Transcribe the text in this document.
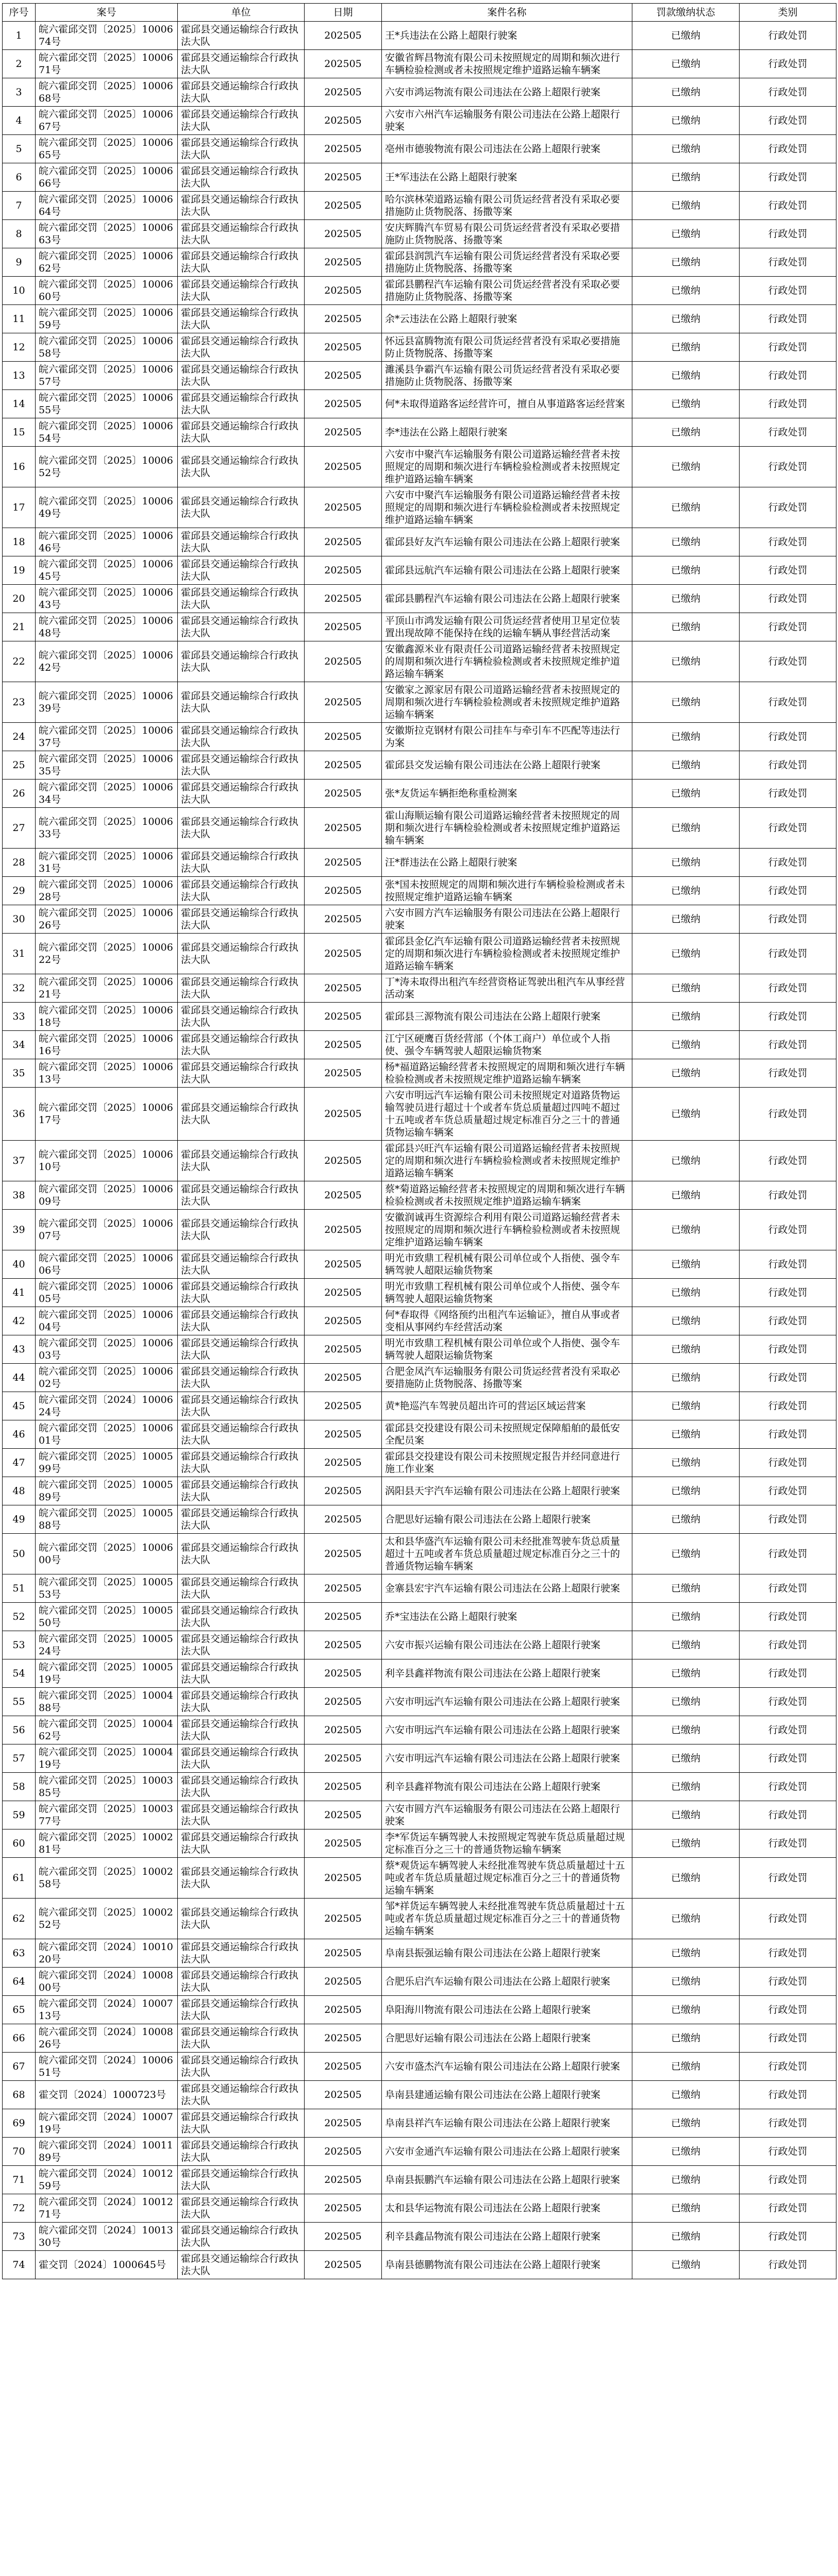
序号	案号	单位	日期	案件名称	罚款缴纳状态	类别
1	皖六霍邱交罚〔2025〕1000674号	霍邱县交通运输综合行政执法大队	202505	王*兵违法在公路上超限行驶案	已缴纳	行政处罚
2	皖六霍邱交罚〔2025〕1000671号	霍邱县交通运输综合行政执法大队	202505	安徽省辉昌物流有限公司未按照规定的周期和频次进行车辆检验检测或者未按照规定维护道路运输车辆案	已缴纳	行政处罚
3	皖六霍邱交罚〔2025〕1000668号	霍邱县交通运输综合行政执法大队	202505	六安市鸿运物流有限公司违法在公路上超限行驶案	已缴纳	行政处罚
4	皖六霍邱交罚〔2025〕1000667号	霍邱县交通运输综合行政执法大队	202505	六安市六州汽车运输服务有限公司违法在公路上超限行驶案	已缴纳	行政处罚
5	皖六霍邱交罚〔2025〕1000665号	霍邱县交通运输综合行政执法大队	202505	亳州市德骏物流有限公司违法在公路上超限行驶案	已缴纳	行政处罚
6	皖六霍邱交罚〔2025〕1000666号	霍邱县交通运输综合行政执法大队	202505	王*军违法在公路上超限行驶案	已缴纳	行政处罚
7	皖六霍邱交罚〔2025〕1000664号	霍邱县交通运输综合行政执法大队	202505	哈尔滨林荣道路运输有限公司货运经营者没有采取必要措施防止货物脱落、扬撒等案	已缴纳	行政处罚
8	皖六霍邱交罚〔2025〕1000663号	霍邱县交通运输综合行政执法大队	202505	安庆辉腾汽车贸易有限公司货运经营者没有采取必要措施防止货物脱落、扬撒等案	已缴纳	行政处罚
9	皖六霍邱交罚〔2025〕1000662号	霍邱县交通运输综合行政执法大队	202505	霍邱县润凯汽车运输有限公司货运经营者没有采取必要措施防止货物脱落、扬撒等案	已缴纳	行政处罚
10	皖六霍邱交罚〔2025〕1000660号	霍邱县交通运输综合行政执法大队	202505	霍邱县鹏程汽车运输有限公司货运经营者没有采取必要措施防止货物脱落、扬撒等案	已缴纳	行政处罚
11	皖六霍邱交罚〔2025〕1000659号	霍邱县交通运输综合行政执法大队	202505	余*云违法在公路上超限行驶案	已缴纳	行政处罚
12	皖六霍邱交罚〔2025〕1000658号	霍邱县交通运输综合行政执法大队	202505	怀远县富腾物流有限公司货运经营者没有采取必要措施防止货物脱落、扬撒等案	已缴纳	行政处罚
13	皖六霍邱交罚〔2025〕1000657号	霍邱县交通运输综合行政执法大队	202505	濉溪县争霸汽车运输有限公司货运经营者没有采取必要措施防止货物脱落、扬撒等案	已缴纳	行政处罚
14	皖六霍邱交罚〔2025〕1000655号	霍邱县交通运输综合行政执法大队	202505	何*未取得道路客运经营许可，擅自从事道路客运经营案	已缴纳	行政处罚
15	皖六霍邱交罚〔2025〕1000654号	霍邱县交通运输综合行政执法大队	202505	李*违法在公路上超限行驶案	已缴纳	行政处罚
16	皖六霍邱交罚〔2025〕1000652号	霍邱县交通运输综合行政执法大队	202505	六安市中聚汽车运输服务有限公司道路运输经营者未按照规定的周期和频次进行车辆检验检测或者未按照规定维护道路运输车辆案	已缴纳	行政处罚
17	皖六霍邱交罚〔2025〕1000649号	霍邱县交通运输综合行政执法大队	202505	六安市中聚汽车运输服务有限公司道路运输经营者未按照规定的周期和频次进行车辆检验检测或者未按照规定维护道路运输车辆案	已缴纳	行政处罚
18	皖六霍邱交罚〔2025〕1000646号	霍邱县交通运输综合行政执法大队	202505	霍邱县好友汽车运输有限公司违法在公路上超限行驶案	已缴纳	行政处罚
19	皖六霍邱交罚〔2025〕1000645号	霍邱县交通运输综合行政执法大队	202505	霍邱县远航汽车运输有限公司违法在公路上超限行驶案	已缴纳	行政处罚
20	皖六霍邱交罚〔2025〕1000643号	霍邱县交通运输综合行政执法大队	202505	霍邱县鹏程汽车运输有限公司违法在公路上超限行驶案	已缴纳	行政处罚
21	皖六霍邱交罚〔2025〕1000648号	霍邱县交通运输综合行政执法大队	202505	平顶山市鸿发运输有限公司货运经营者使用卫星定位装置出现故障不能保持在线的运输车辆从事经营活动案	已缴纳	行政处罚
22	皖六霍邱交罚〔2025〕1000642号	霍邱县交通运输综合行政执法大队	202505	安徽鑫源米业有限责任公司道路运输经营者未按照规定的周期和频次进行车辆检验检测或者未按照规定维护道路运输车辆案	已缴纳	行政处罚
23	皖六霍邱交罚〔2025〕1000639号	霍邱县交通运输综合行政执法大队	202505	安徽家之源家居有限公司道路运输经营者未按照规定的周期和频次进行车辆检验检测或者未按照规定维护道路运输车辆案	已缴纳	行政处罚
24	皖六霍邱交罚〔2025〕1000637号	霍邱县交通运输综合行政执法大队	202505	安徽斯拉克钢材有限公司挂车与牵引车不匹配等违法行为案	已缴纳	行政处罚
25	皖六霍邱交罚〔2025〕1000635号	霍邱县交通运输综合行政执法大队	202505	霍邱县交发运输有限公司违法在公路上超限行驶案	已缴纳	行政处罚
26	皖六霍邱交罚〔2025〕1000634号	霍邱县交通运输综合行政执法大队	202505	张*友货运车辆拒绝称重检测案	已缴纳	行政处罚
27	皖六霍邱交罚〔2025〕1000633号	霍邱县交通运输综合行政执法大队	202505	霍山海顺运输有限公司道路运输经营者未按照规定的周期和频次进行车辆检验检测或者未按照规定维护道路运输车辆案	已缴纳	行政处罚
28	皖六霍邱交罚〔2025〕1000631号	霍邱县交通运输综合行政执法大队	202505	汪*群违法在公路上超限行驶案	已缴纳	行政处罚
29	皖六霍邱交罚〔2025〕1000628号	霍邱县交通运输综合行政执法大队	202505	张*国未按照规定的周期和频次进行车辆检验检测或者未按照规定维护道路运输车辆案	已缴纳	行政处罚
30	皖六霍邱交罚〔2025〕1000626号	霍邱县交通运输综合行政执法大队	202505	六安市圆方汽车运输服务有限公司违法在公路上超限行驶案	已缴纳	行政处罚
31	皖六霍邱交罚〔2025〕1000622号	霍邱县交通运输综合行政执法大队	202505	霍邱县金亿汽车运输有限公司道路运输经营者未按照规定的周期和频次进行车辆检验检测或者未按照规定维护道路运输车辆案	已缴纳	行政处罚
32	皖六霍邱交罚〔2025〕1000621号	霍邱县交通运输综合行政执法大队	202505	丁*涛未取得出租汽车经营资格证驾驶出租汽车从事经营活动案	已缴纳	行政处罚
33	皖六霍邱交罚〔2025〕1000618号	霍邱县交通运输综合行政执法大队	202505	霍邱县三源物流有限公司违法在公路上超限行驶案	已缴纳	行政处罚
34	皖六霍邱交罚〔2025〕1000616号	霍邱县交通运输综合行政执法大队	202505	江宁区硬鹰百货经营部（个体工商户）单位或个人指使、强令车辆驾驶人超限运输货物案	已缴纳	行政处罚
35	皖六霍邱交罚〔2025〕1000613号	霍邱县交通运输综合行政执法大队	202505	杨*福道路运输经营者未按照规定的周期和频次进行车辆检验检测或者未按照规定维护道路运输车辆案	已缴纳	行政处罚
36	皖六霍邱交罚〔2025〕1000617号	霍邱县交通运输综合行政执法大队	202505	六安市明远汽车运输有限公司未按照规定对道路货物运输驾驶员进行超过十个或者车货总质量超过四吨不超过十五吨或者车货总质量超过规定标准百分之三十的普通货物运输车辆案	已缴纳	行政处罚
37	皖六霍邱交罚〔2025〕1000610号	霍邱县交通运输综合行政执法大队	202505	霍邱县兴旺汽车运输有限公司道路运输经营者未按照规定的周期和频次进行车辆检验检测或者未按照规定维护道路运输车辆案	已缴纳	行政处罚
38	皖六霍邱交罚〔2025〕1000609号	霍邱县交通运输综合行政执法大队	202505	蔡*菊道路运输经营者未按照规定的周期和频次进行车辆检验检测或者未按照规定维护道路运输车辆案	已缴纳	行政处罚
39	皖六霍邱交罚〔2025〕1000607号	霍邱县交通运输综合行政执法大队	202505	安徽润诚再生资源综合利用有限公司道路运输经营者未按照规定的周期和频次进行车辆检验检测或者未按照规定维护道路运输车辆案	已缴纳	行政处罚
40	皖六霍邱交罚〔2025〕1000606号	霍邱县交通运输综合行政执法大队	202505	明光市致鼎工程机械有限公司单位或个人指使、强令车辆驾驶人超限运输货物案	已缴纳	行政处罚
41	皖六霍邱交罚〔2025〕1000605号	霍邱县交通运输综合行政执法大队	202505	明光市致鼎工程机械有限公司单位或个人指使、强令车辆驾驶人超限运输货物案	已缴纳	行政处罚
42	皖六霍邱交罚〔2025〕1000604号	霍邱县交通运输综合行政执法大队	202505	何*春取得《网络预约出租汽车运输证》，擅自从事或者变相从事网约车经营活动案	已缴纳	行政处罚
43	皖六霍邱交罚〔2025〕1000603号	霍邱县交通运输综合行政执法大队	202505	明光市致鼎工程机械有限公司单位或个人指使、强令车辆驾驶人超限运输货物案	已缴纳	行政处罚
44	皖六霍邱交罚〔2025〕1000602号	霍邱县交通运输综合行政执法大队	202505	合肥金凤汽车运输服务有限公司货运经营者没有采取必要措施防止货物脱落、扬撒等案	已缴纳	行政处罚
45	皖六霍邱交罚〔2024〕1000624号	霍邱县交通运输综合行政执法大队	202505	黄*艳巡汽车驾驶员超出许可的营运区域运营案	已缴纳	行政处罚
46	皖六霍邱交罚〔2025〕1000601号	霍邱县交通运输综合行政执法大队	202505	霍邱县交投建设有限公司未按照规定保障船舶的最低安全配员案	已缴纳	行政处罚
47	皖六霍邱交罚〔2025〕1000599号	霍邱县交通运输综合行政执法大队	202505	霍邱县交投建设有限公司未按照规定报告并经同意进行施工作业案	已缴纳	行政处罚
48	皖六霍邱交罚〔2025〕1000589号	霍邱县交通运输综合行政执法大队	202505	涡阳县天宇汽车运输有限公司违法在公路上超限行驶案	已缴纳	行政处罚
49	皖六霍邱交罚〔2025〕1000588号	霍邱县交通运输综合行政执法大队	202505	合肥思好运输有限公司违法在公路上超限行驶案	已缴纳	行政处罚
50	皖六霍邱交罚〔2025〕1000600号	霍邱县交通运输综合行政执法大队	202505	太和县华盛汽车运输有限公司未经批准驾驶车货总质量超过十五吨或者车货总质量超过规定标准百分之三十的普通货物运输车辆案	已缴纳	行政处罚
51	皖六霍邱交罚〔2025〕1000553号	霍邱县交通运输综合行政执法大队	202505	金寨县宏宇汽车运输有限公司违法在公路上超限行驶案	已缴纳	行政处罚
52	皖六霍邱交罚〔2025〕1000550号	霍邱县交通运输综合行政执法大队	202505	乔*宝违法在公路上超限行驶案	已缴纳	行政处罚
53	皖六霍邱交罚〔2025〕1000524号	霍邱县交通运输综合行政执法大队	202505	六安市振兴运输有限公司违法在公路上超限行驶案	已缴纳	行政处罚
54	皖六霍邱交罚〔2025〕1000519号	霍邱县交通运输综合行政执法大队	202505	利辛县鑫祥物流有限公司违法在公路上超限行驶案	已缴纳	行政处罚
55	皖六霍邱交罚〔2025〕1000488号	霍邱县交通运输综合行政执法大队	202505	六安市明远汽车运输有限公司违法在公路上超限行驶案	已缴纳	行政处罚
56	皖六霍邱交罚〔2025〕1000462号	霍邱县交通运输综合行政执法大队	202505	六安市明远汽车运输有限公司违法在公路上超限行驶案	已缴纳	行政处罚
57	皖六霍邱交罚〔2025〕1000419号	霍邱县交通运输综合行政执法大队	202505	六安市明远汽车运输有限公司违法在公路上超限行驶案	已缴纳	行政处罚
58	皖六霍邱交罚〔2025〕1000385号	霍邱县交通运输综合行政执法大队	202505	利辛县鑫祥物流有限公司违法在公路上超限行驶案	已缴纳	行政处罚
59	皖六霍邱交罚〔2025〕1000377号	霍邱县交通运输综合行政执法大队	202505	六安市圆方汽车运输服务有限公司违法在公路上超限行驶案	已缴纳	行政处罚
60	皖六霍邱交罚〔2025〕1000281号	霍邱县交通运输综合行政执法大队	202505	李*军货运车辆驾驶人未按照规定驾驶车货总质量超过规定标准百分之三十的普通货物运输车辆案	已缴纳	行政处罚
61	皖六霍邱交罚〔2025〕1000258号	霍邱县交通运输综合行政执法大队	202505	蔡*观货运车辆驾驶人未经批准驾驶车货总质量超过十五吨或者车货总质量超过规定标准百分之三十的普通货物运输车辆案	已缴纳	行政处罚
62	皖六霍邱交罚〔2025〕1000252号	霍邱县交通运输综合行政执法大队	202505	邹*祥货运车辆驾驶人未经批准驾驶车货总质量超过十五吨或者车货总质量超过规定标准百分之三十的普通货物运输车辆案	已缴纳	行政处罚
63	皖六霍邱交罚〔2024〕1001020号	霍邱县交通运输综合行政执法大队	202505	阜南县振强运输有限公司违法在公路上超限行驶案	已缴纳	行政处罚
64	皖六霍邱交罚〔2024〕1000800号	霍邱县交通运输综合行政执法大队	202505	合肥乐启汽车运输有限公司违法在公路上超限行驶案	已缴纳	行政处罚
65	皖六霍邱交罚〔2024〕1000713号	霍邱县交通运输综合行政执法大队	202505	阜阳海川物流有限公司违法在公路上超限行驶案	已缴纳	行政处罚
66	皖六霍邱交罚〔2024〕1000826号	霍邱县交通运输综合行政执法大队	202505	合肥思好运输有限公司违法在公路上超限行驶案	已缴纳	行政处罚
67	皖六霍邱交罚〔2024〕1000651号	霍邱县交通运输综合行政执法大队	202505	六安市盛杰汽车运输有限公司违法在公路上超限行驶案	已缴纳	行政处罚
68	霍交罚〔2024〕1000723号	霍邱县交通运输综合行政执法大队	202505	阜南县建通运输有限公司违法在公路上超限行驶案	已缴纳	行政处罚
69	皖六霍邱交罚〔2024〕1000719号	霍邱县交通运输综合行政执法大队	202505	阜南县祥汽车运输有限公司违法在公路上超限行驶案	已缴纳	行政处罚
70	皖六霍邱交罚〔2024〕1001189号	霍邱县交通运输综合行政执法大队	202505	六安市金通汽车运输有限公司违法在公路上超限行驶案	已缴纳	行政处罚
71	皖六霍邱交罚〔2024〕1001259号	霍邱县交通运输综合行政执法大队	202505	阜南县振鹏汽车运输有限公司违法在公路上超限行驶案	已缴纳	行政处罚
72	皖六霍邱交罚〔2024〕1001271号	霍邱县交通运输综合行政执法大队	202505	太和县华运物流有限公司违法在公路上超限行驶案	已缴纳	行政处罚
73	皖六霍邱交罚〔2024〕1001330号	霍邱县交通运输综合行政执法大队	202505	利辛县鑫品物流有限公司违法在公路上超限行驶案	已缴纳	行政处罚
74	霍交罚〔2024〕1000645号	霍邱县交通运输综合行政执法大队	202505	阜南县德鹏物流有限公司违法在公路上超限行驶案	已缴纳	行政处罚
